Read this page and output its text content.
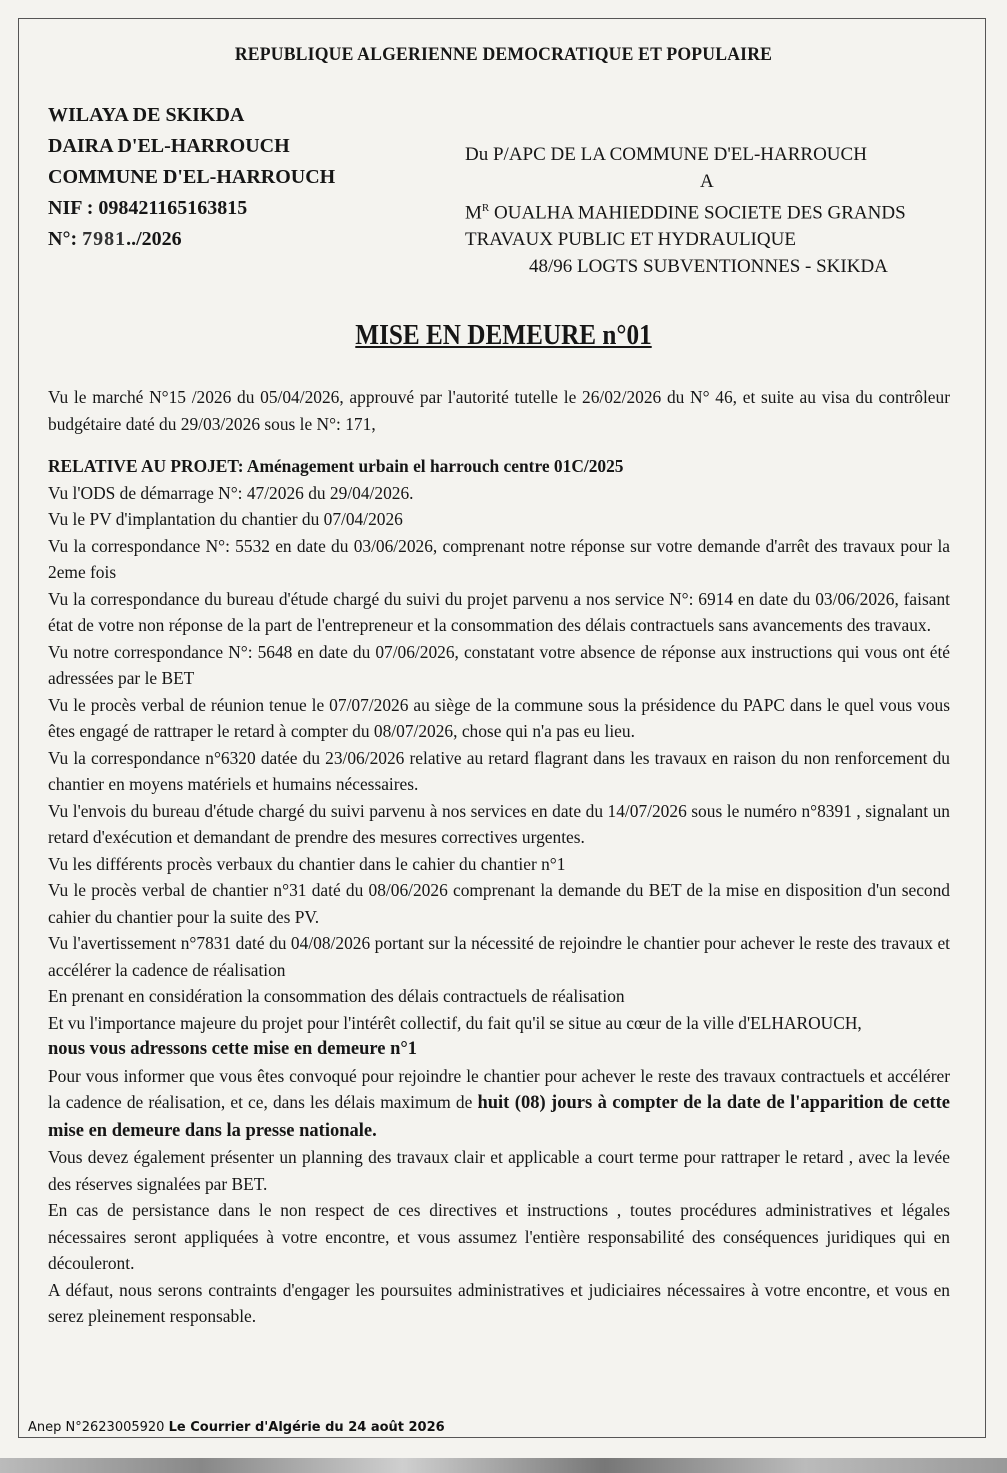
REPUBLIQUE ALGERIENNE DEMOCRATIQUE ET POPULAIRE
WILAYA DE SKIKDA
DAIRA D'EL-HARROUCH
COMMUNE D'EL-HARROUCH
NIF : 098421165163815
N°: 7981../2026
Du P/APC DE LA COMMUNE D'EL-HARROUCH
A
$M^R$ OUALHA MAHIEDDINE SOCIETE DES GRANDS
TRAVAUX PUBLIC ET HYDRAULIQUE
48/96 LOGTS SUBVENTIONNES - SKIKDA
MISE EN DEMEURE n°01

Vu le marché N°15 /2026 du 05/04/2026, approuvé par l'autorité tutelle le 26/02/2026 du N° 46, et suite au visa du contrôleur budgétaire daté du 29/03/2026 sous le N°: 171,

RELATIVE AU PROJET: Aménagement urbain el harrouch centre 01C/2025

Vu l'ODS de démarrage N°: 47/2026 du 29/04/2026.

Vu le PV d'implantation du chantier du 07/04/2026

Vu la correspondance N°: 5532 en date du 03/06/2026, comprenant notre réponse sur votre demande d'arrêt des travaux pour la 2eme fois

Vu la correspondance du bureau d'étude chargé du suivi du projet parvenu a nos service N°: 6914 en date du 03/06/2026, faisant état de votre non réponse de la part de l'entrepreneur et la consommation des délais contractuels sans avancements des travaux.

Vu notre correspondance N°: 5648 en date du 07/06/2026, constatant votre absence de réponse aux instructions qui vous ont été adressées par le BET

Vu le procès verbal de réunion tenue le 07/07/2026 au siège de la commune sous la présidence du PAPC dans le quel vous vous êtes engagé de rattraper le retard à compter du 08/07/2026, chose qui n'a pas eu lieu.

Vu la correspondance n°6320 datée du 23/06/2026 relative au retard flagrant dans les travaux en raison du non renforcement du chantier en moyens matériels et humains nécessaires.

Vu l'envois du bureau d'étude chargé du suivi parvenu à nos services en date du 14/07/2026 sous le numéro n°8391 , signalant un retard d'exécution et demandant de prendre des mesures correctives urgentes.

Vu les différents procès verbaux du chantier dans le cahier du chantier n°1

Vu le procès verbal de chantier n°31 daté du 08/06/2026 comprenant la demande du BET de la mise en disposition d'un second cahier du chantier pour la suite des PV.

Vu l'avertissement n°7831 daté du 04/08/2026 portant sur la nécessité de rejoindre le chantier pour achever le reste des travaux et accélérer la cadence de réalisation

En prenant en considération la consommation des délais contractuels de réalisation

Et vu l'importance majeure du projet pour l'intérêt collectif, du fait qu'il se situe au cœur de la ville d'ELHAROUCH,

nous vous adressons cette mise en demeure n°1

Pour vous informer que vous êtes convoqué pour rejoindre le chantier pour achever le reste des travaux contractuels et accélérer la cadence de réalisation, et ce, dans les délais maximum de huit (08) jours à compter de la date de l'apparition de cette mise en demeure dans la presse nationale.

Vous devez également présenter un planning des travaux clair et applicable a court terme pour rattraper le retard , avec la levée des réserves signalées par BET.

En cas de persistance dans le non respect de ces directives et instructions , toutes procédures administratives et légales nécessaires seront appliquées à votre encontre, et vous assumez l'entière responsabilité des conséquences juridiques qui en découleront.

A défaut, nous serons contraints d'engager les poursuites administratives et judiciaires nécessaires à votre encontre, et vous en serez pleinement responsable.

Anep N°2623005920 Le Courrier d'Algérie du 24 août 2026
